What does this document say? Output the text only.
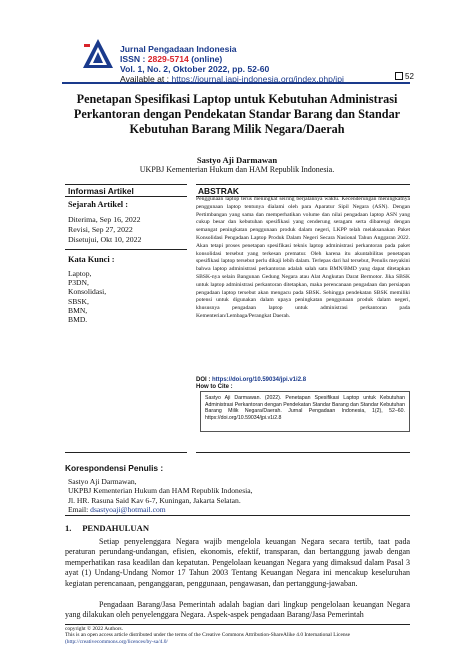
Jurnal Pengadaan Indonesia
ISSN : 2829-5714 (online)
Vol. 1, No. 2, Oktober 2022, pp. 52-60
Available at : https://journal.iapi-indonesia.org/index.php/jpi	52
Penetapan Spesifikasi Laptop untuk Kebutuhan Administrasi Perkantoran dengan Pendekatan Standar Barang dan Standar Kebutuhan Barang Milik Negara/Daerah
Sastyo Aji Darmawan
UKPBJ Kementerian Hukum dan HAM Republik Indonesia.
Informasi Artikel	ABSTRAK
Sejarah Artikel :
Diterima, Sep 16, 2022
Revisi, Sep 27, 2022
Disetujui, Okt 10, 2022
Kata Kunci :
Laptop,
P3DN,
Konsolidasi,
SBSK,
BMN,
BMD.
Penggunaan laptop terus meningkat seiring berjalannya waktu. Kecenderungan meningkatnya penggunaan laptop tentunya dialami oleh para Aparatur Sipil Negara (ASN). Dengan Pertimbangan yang sama dan memperhatikan volume dan nilai pengadaan laptop ASN yang cukup besar dan kebutuhan spesifikasi yang cenderung seragam serta dibarengi dengan semangat peningkatan penggunaan produk dalam negeri, LKPP telah melaksanakan Paket Konsolidasi Pengadaan Laptop Produk Dalam Negeri Secara Nasional Tahun Anggaran 2022. Akan tetapi proses penetapan spesifikasi teknis laptop administrasi perkantoran pada paket konsolidasi tersebut yang terkesan prematur. Oleh karena itu akuntabilitas penetapan spesifikasi laptop tersebut perlu dikaji lebih dalam. Terlepas dari hal tersebut, Penulis meyakini bahwa laptop administrasi perkantoran adalah salah satu BMN/BMD yang dapat ditetapkan SBSK-nya selain Bangunan Gedung Negara atau Alat Angkutan Darat Bermotor. Jika SBSK untuk laptop administrasi perkantoran ditetapkan, maka perencanaan pengadaan dan persiapan pengadaan laptop tersebut akan mengacu pada SBSK. Sehingga pendekatan SBSK memiliki potensi untuk digunakan dalam upaya peningkatan penggunaan produk dalam negeri, khususnya pengadaan laptop untuk administrasi perkantoran pada Kementerian/Lembaga/Perangkat Daerah.
DOI : https://doi.org/10.59034/jpi.v1i2.8
How to Cite :
Sastyo Aji Darmawan. (2022). Penetapan Spesifikasi Laptop untuk Kebutuhan Administrasi Perkantoran dengan Pendekatan Standar Barang dan Standar Kebutuhan Barang Milik Negara/Daerah. Jurnal Pengadaan Indonesia, 1(2), 52–60. https://doi.org/10.59034/jpi.v1i2.8
Korespondensi Penulis :
Sastyo Aji Darmawan,
UKPBJ Kementerian Hukum dan HAM Republik Indonesia,
Jl. HR. Rasuna Said Kav 6-7, Kuningan, Jakarta Selatan.
Email: dsastyoaji@hotmail.com
1.     PENDAHULUAN
Setiap penyelenggara Negara wajib mengelola keuangan Negara secara tertib, taat pada peraturan perundang-undangan, efisien, ekonomis, efektif, transparan, dan bertanggung jawab dengan memperhatikan rasa keadilan dan kepatutan. Pengelolaan keuangan Negara yang dimaksud dalam Pasal 3 ayat (1) Undang-Undang Nomor 17 Tahun 2003 Tentang Keuangan Negara ini mencakup keseluruhan kegiatan perencanaan, penganggaran, penggunaan, pengawasan, dan pertanggung-jawaban.
Pengadaan Barang/Jasa Pemerintah adalah bagian dari lingkup pengelolaan keuangan Negara yang dilakukan oleh penyelenggara Negara. Aspek-aspek pengadaan Barang/Jasa Pemerintah
copyright © 2022 Authors.
This is an open access article distributed under the terms of the Creative Commons Attribution-ShareAlike 4.0 International License
(http://creativecommons.org/licences/by-sa/4.0/
